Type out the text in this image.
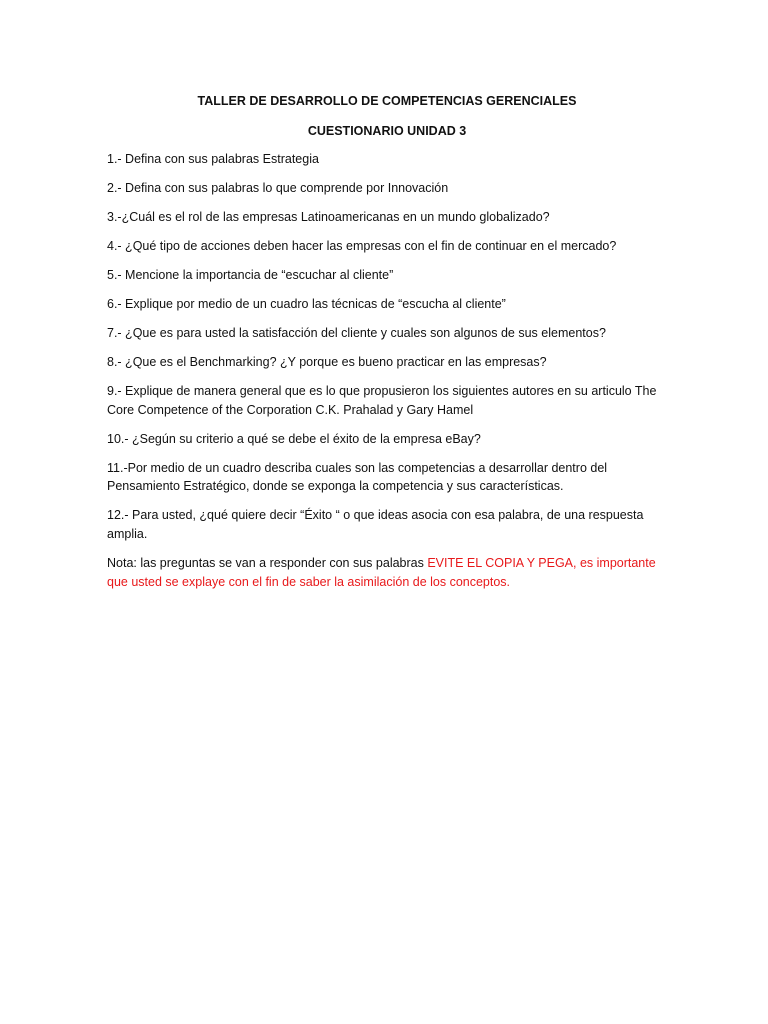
TALLER DE DESARROLLO DE COMPETENCIAS GERENCIALES

CUESTIONARIO UNIDAD 3

1.- Defina con sus palabras Estrategia

2.- Defina con sus palabras lo que comprende por Innovación

3.-¿Cuál es el rol de las empresas Latinoamericanas en un mundo globalizado?

4.- ¿Qué tipo de acciones deben hacer las empresas con el fin de continuar en el mercado?

5.- Mencione la importancia de “escuchar al cliente”

6.- Explique por medio de un cuadro las técnicas de “escucha al cliente”

7.- ¿Que es para usted la satisfacción del cliente y cuales son algunos de sus elementos?

8.- ¿Que es el Benchmarking? ¿Y porque es bueno practicar en las empresas?

9.- Explique de manera general que es lo que propusieron los siguientes autores en su articulo The Core Competence of the Corporation C.K. Prahalad y Gary Hamel

10.- ¿Según su criterio a qué se debe el éxito de la empresa eBay?

11.-Por medio de un cuadro describa cuales son las competencias a desarrollar dentro del Pensamiento Estratégico, donde se exponga la competencia y sus características.

12.- Para usted, ¿qué quiere decir “Éxito “ o que ideas asocia con esa palabra, de una respuesta amplia.

Nota: las preguntas se van a responder con sus palabras EVITE EL COPIA Y PEGA, es importante que usted se explaye con el fin de saber la asimilación de los conceptos.
